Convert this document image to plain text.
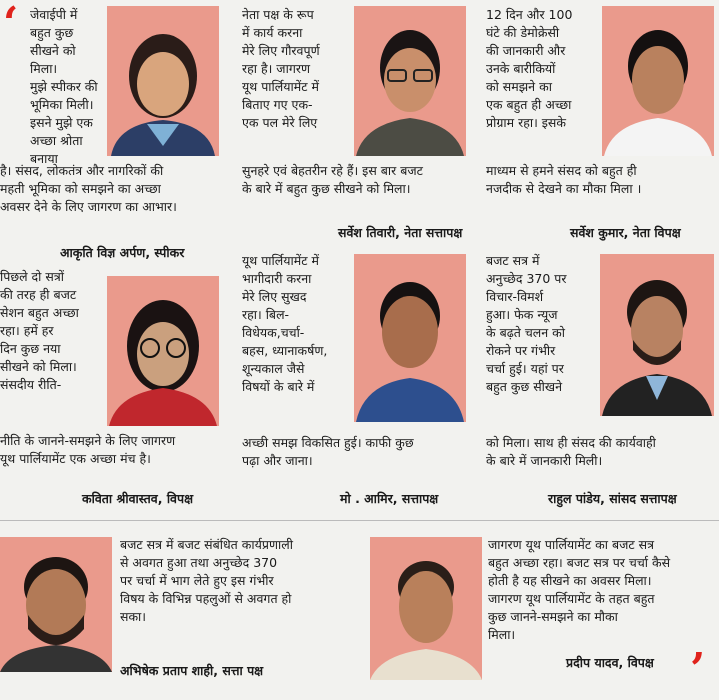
‘ जेवाईपी में
बहुत कुछ
सीखने को मिला।
मुझे स्पीकर की
भूमिका मिली।
इसने मुझे एक
अच्छा श्रोता बनाया
है। संसद, लोकतंत्र और नागरिकों की
महती भूमिका को समझने का अच्छा
अवसर देने के लिए जागरण का आभार।
आकृति विज्ञ अर्पण, स्पीकर
नेता पक्ष के रूप
में कार्य करना
मेरे लिए गौरवपूर्ण
रहा है। जागरण
यूथ पार्लियामेंट में
बिताए गए एक-
एक पल मेरे लिए
सुनहरे एवं बेहतरीन रहे हैं। इस बार बजट
के बारे में बहुत कुछ सीखने को मिला।
सर्वेश तिवारी, नेता सत्तापक्ष
12 दिन और 100
घंटे की डेमोक्रेसी
की जानकारी और
उनके बारीकियों
को समझने का
एक बहुत ही अच्छा
प्रोग्राम रहा। इसके
माध्यम से हमने संसद को बहुत ही
नजदीक से देखने का मौका मिला ।
सर्वेश कुमार, नेता विपक्ष
पिछले दो सत्रों
की तरह ही बजट
सेशन बहुत अच्छा
रहा। हमें हर
दिन कुछ नया
सीखने को मिला।
संसदीय रीति-
नीति के जानने-समझने के लिए जागरण
यूथ पार्लियामेंट एक अच्छा मंच है।
कविता श्रीवास्तव, विपक्ष
यूथ पार्लियामेंट में
भागीदारी करना
मेरे लिए सुखद
रहा। बिल-
विधेयक,चर्चा-
बहस, ध्यानाकर्षण,
शून्यकाल जैसे
विषयों के बारे में
अच्छी समझ विकसित हुई। काफी कुछ
पढ़ा और जाना।
मो . आमिर, सत्तापक्ष
बजट सत्र में
अनुच्छेद 370 पर
विचार-विमर्श
हुआ। फेक न्यूज
के बढ़ते चलन को
रोकने पर गंभीर
चर्चा हुई। यहां पर
बहुत कुछ सीखने
को मिला। साथ ही संसद की कार्यवाही
के बारे में जानकारी मिली।
राहुल पांडेय, सांसद सत्तापक्ष
बजट सत्र में बजट संबंधित कार्यप्रणाली
से अवगत हुआ तथा अनुच्छेद 370
पर चर्चा में भाग लेते हुए इस गंभीर
विषय के विभिन्न पहलुओं से अवगत हो
सका।
अभिषेक प्रताप शाही, सत्ता पक्ष
जागरण यूथ पार्लियामेंट का बजट सत्र
बहुत अच्छा रहा। बजट सत्र पर चर्चा कैसे
होती है यह सीखने का अवसर मिला।
जागरण यूथ पार्लियामेंट के तहत बहुत
कुछ जानने-समझने का मौका
मिला।
प्रदीप यादव, विपक्ष ’
